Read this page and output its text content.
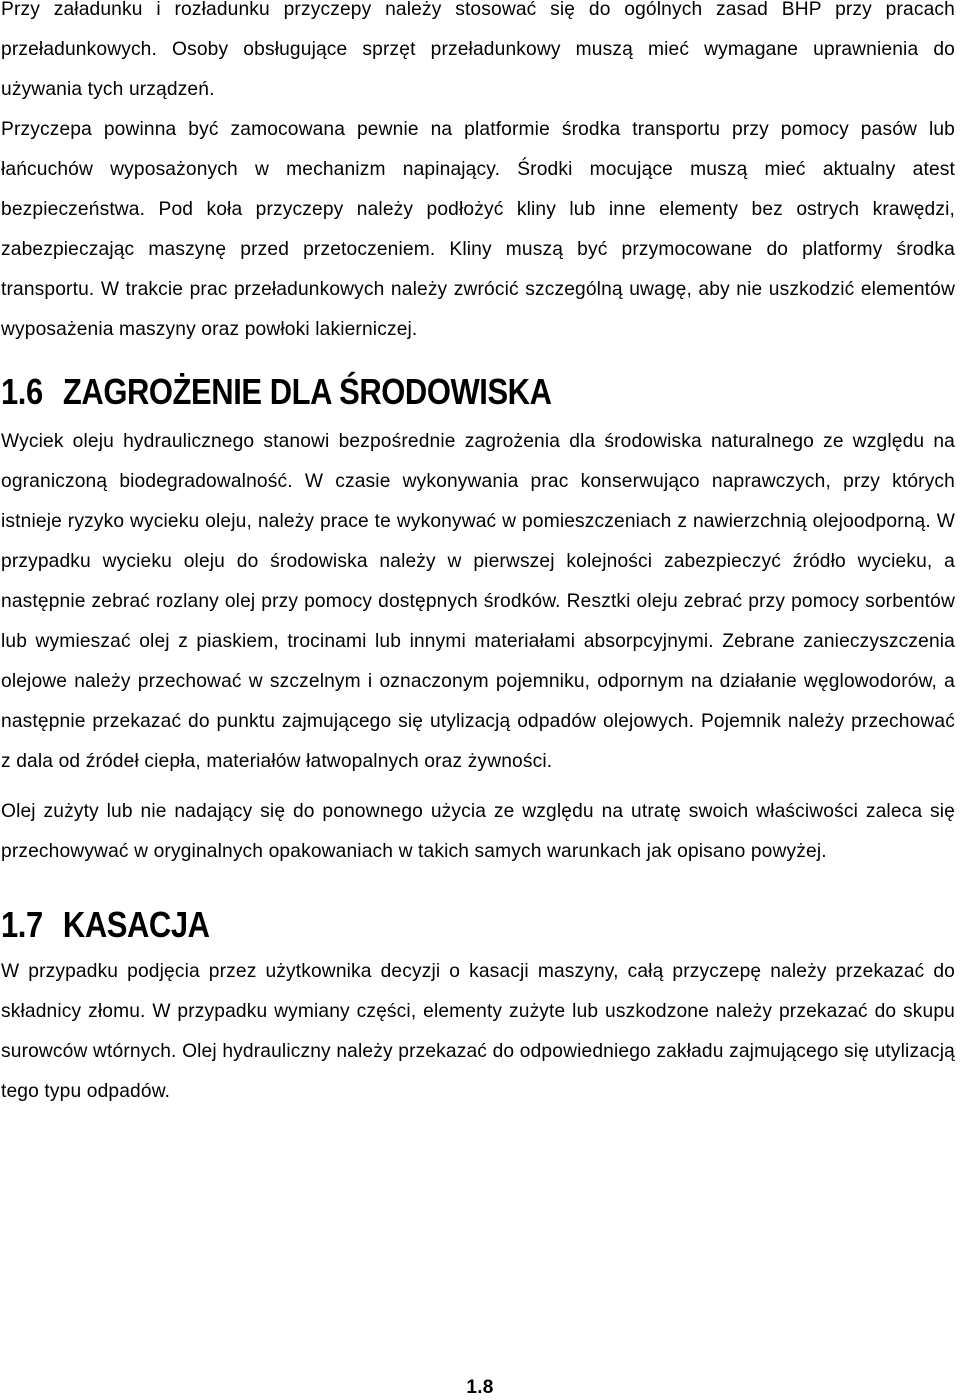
Przy załadunku i rozładunku przyczepy należy stosować się do ogólnych zasad BHP przy pracach przeładunkowych. Osoby obsługujące sprzęt przeładunkowy muszą mieć wymagane uprawnienia do używania tych urządzeń.

Przyczepa powinna być zamocowana pewnie na platformie środka transportu przy pomocy pasów lub łańcuchów wyposażonych w mechanizm napinający. Środki mocujące muszą mieć aktualny atest bezpieczeństwa. Pod koła przyczepy należy podłożyć kliny lub inne elementy bez ostrych krawędzi, zabezpieczając maszynę przed przetoczeniem. Kliny muszą być przymocowane do platformy środka transportu. W trakcie prac przeładunkowych należy zwrócić szczególną uwagę, aby nie uszkodzić elementów wyposażenia maszyny oraz powłoki lakierniczej.

1.6 ZAGROŻENIE DLA ŚRODOWISKA

Wyciek oleju hydraulicznego stanowi bezpośrednie zagrożenia dla środowiska naturalnego ze względu na ograniczoną biodegradowalność. W czasie wykonywania prac konserwująco naprawczych, przy których istnieje ryzyko wycieku oleju, należy prace te wykonywać w pomieszczeniach z nawierzchnią olejoodporną. W przypadku wycieku oleju do środowiska należy w pierwszej kolejności zabezpieczyć źródło wycieku, a następnie zebrać rozlany olej przy pomocy dostępnych środków. Resztki oleju zebrać przy pomocy sorbentów lub wymieszać olej z piaskiem, trocinami lub innymi materiałami absorpcyjnymi. Zebrane zanieczyszczenia olejowe należy przechować w szczelnym i oznaczonym pojemniku, odpornym na działanie węglowodorów, a następnie przekazać do punktu zajmującego się utylizacją odpadów olejowych. Pojemnik należy przechować z dala od źródeł ciepła, materiałów łatwopalnych oraz żywności.

Olej zużyty lub nie nadający się do ponownego użycia ze względu na utratę swoich właściwości zaleca się przechowywać w oryginalnych opakowaniach w takich samych warunkach jak opisano powyżej.

1.7 KASACJA

W przypadku podjęcia przez użytkownika decyzji o kasacji maszyny, całą przyczepę należy przekazać do składnicy złomu. W przypadku wymiany części, elementy zużyte lub uszkodzone należy przekazać do skupu surowców wtórnych. Olej hydrauliczny należy przekazać do odpowiedniego zakładu zajmującego się utylizacją tego typu odpadów.

1.8
